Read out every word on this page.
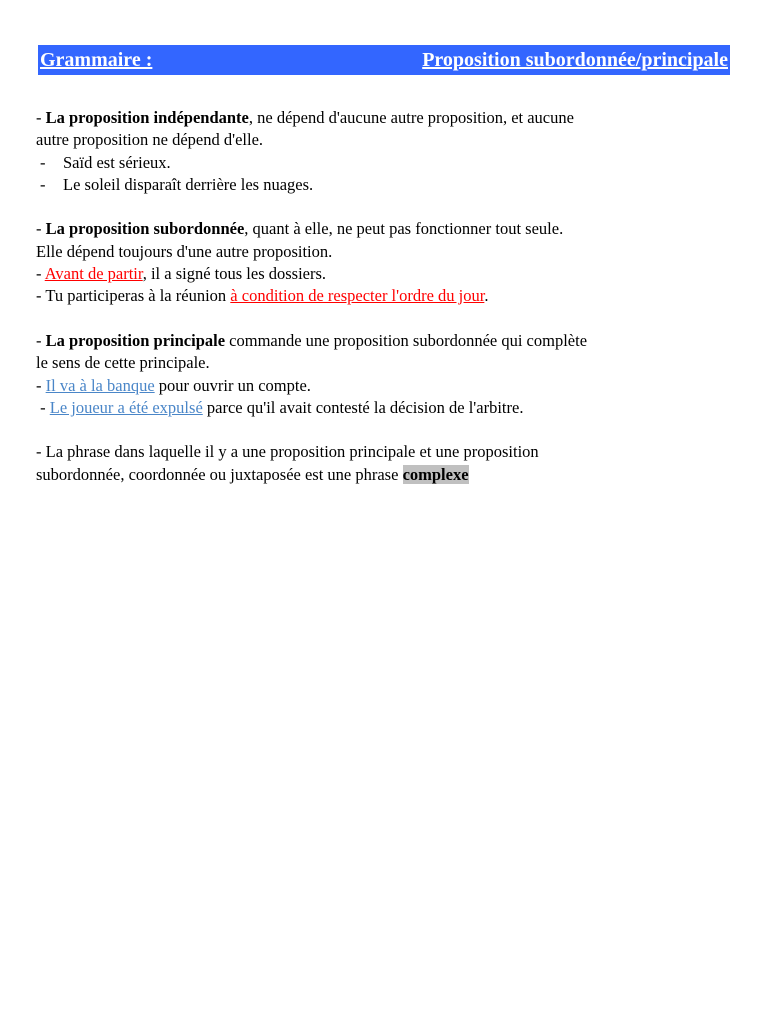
Grammaire :	Proposition subordonnée/principale

- La proposition indépendante, ne dépend d'aucune autre proposition, et aucune

autre proposition ne dépend d'elle.

- Saïd est sérieux.

- Le soleil disparaît derrière les nuages.

- La proposition subordonnée, quant à elle, ne peut pas fonctionner tout seule.

Elle dépend toujours d'une autre proposition.

- Avant de partir, il a signé tous les dossiers.

- Tu participeras à la réunion à condition de respecter l'ordre du jour.

- La proposition principale commande une proposition subordonnée qui complète

le sens de cette principale.

- Il va à la banque pour ouvrir un compte.

- Le joueur a été expulsé parce qu'il avait contesté la décision de l'arbitre.

- La phrase dans laquelle il y a une proposition principale et une proposition

subordonnée, coordonnée ou juxtaposée est une phrase complexe
